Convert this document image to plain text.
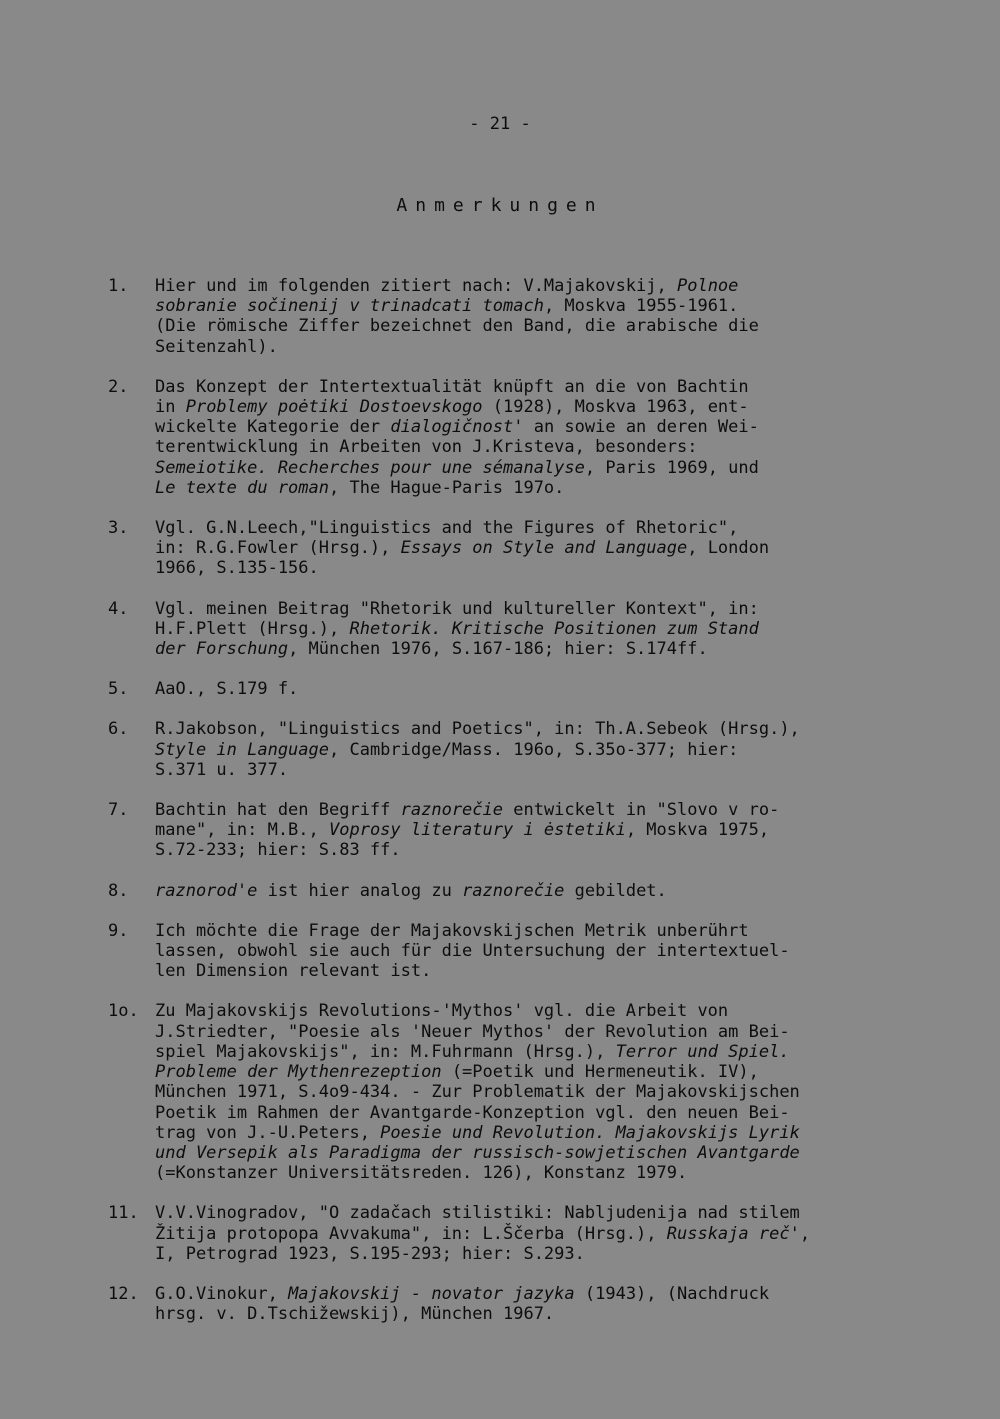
- 21 -
Anmerkungen
1. Hier und im folgenden zitiert nach: V.Majakovskij, Polnoe
sobranie sočinenij v trinadcati tomach, Moskva 1955-1961.
(Die römische Ziffer bezeichnet den Band, die arabische die
Seitenzahl).
2. Das Konzept der Intertextualität knüpft an die von Bachtin
in Problemy poėtiki Dostoevskogo (1928), Moskva 1963, ent-
wickelte Kategorie der dialogičnost' an sowie an deren Wei-
terentwicklung in Arbeiten von J.Kristeva, besonders:
Semeiotike. Recherches pour une sémanalyse, Paris 1969, und
Le texte du roman, The Hague-Paris 197o.
3. Vgl. G.N.Leech,"Linguistics and the Figures of Rhetoric",
in: R.G.Fowler (Hrsg.), Essays on Style and Language, London
1966, S.135-156.
4. Vgl. meinen Beitrag "Rhetorik und kultureller Kontext", in:
H.F.Plett (Hrsg.), Rhetorik. Kritische Positionen zum Stand
der Forschung, München 1976, S.167-186; hier: S.174ff.
5. AaO., S.179 f.
6. R.Jakobson, "Linguistics and Poetics", in: Th.A.Sebeok (Hrsg.),
Style in Language, Cambridge/Mass. 196o, S.35o-377; hier:
S.371 u. 377.
7. Bachtin hat den Begriff raznorečie entwickelt in "Slovo v ro-
mane", in: M.B., Voprosy literatury i ėstetiki, Moskva 1975,
S.72-233; hier: S.83 ff.
8. raznorod'e ist hier analog zu raznorečie gebildet.
9. Ich möchte die Frage der Majakovskijschen Metrik unberührt
lassen, obwohl sie auch für die Untersuchung der intertextuel-
len Dimension relevant ist.
1o. Zu Majakovskijs Revolutions-'Mythos' vgl. die Arbeit von
J.Striedter, "Poesie als 'Neuer Mythos' der Revolution am Bei-
spiel Majakovskijs", in: M.Fuhrmann (Hrsg.), Terror und Spiel.
Probleme der Mythenrezeption (=Poetik und Hermeneutik. IV),
München 1971, S.4o9-434. - Zur Problematik der Majakovskijschen
Poetik im Rahmen der Avantgarde-Konzeption vgl. den neuen Bei-
trag von J.-U.Peters, Poesie und Revolution. Majakovskijs Lyrik
und Versepik als Paradigma der russisch-sowjetischen Avantgarde
(=Konstanzer Universitätsreden. 126), Konstanz 1979.
11. V.V.Vinogradov, "O zadačach stilistiki: Nabljudenija nad stilem
Žitija protopopa Avvakuma", in: L.Ščerba (Hrsg.), Russkaja reč',
I, Petrograd 1923, S.195-293; hier: S.293.
12. G.O.Vinokur, Majakovskij - novator jazyka (1943), (Nachdruck
hrsg. v. D.Tschižewskij), München 1967.
